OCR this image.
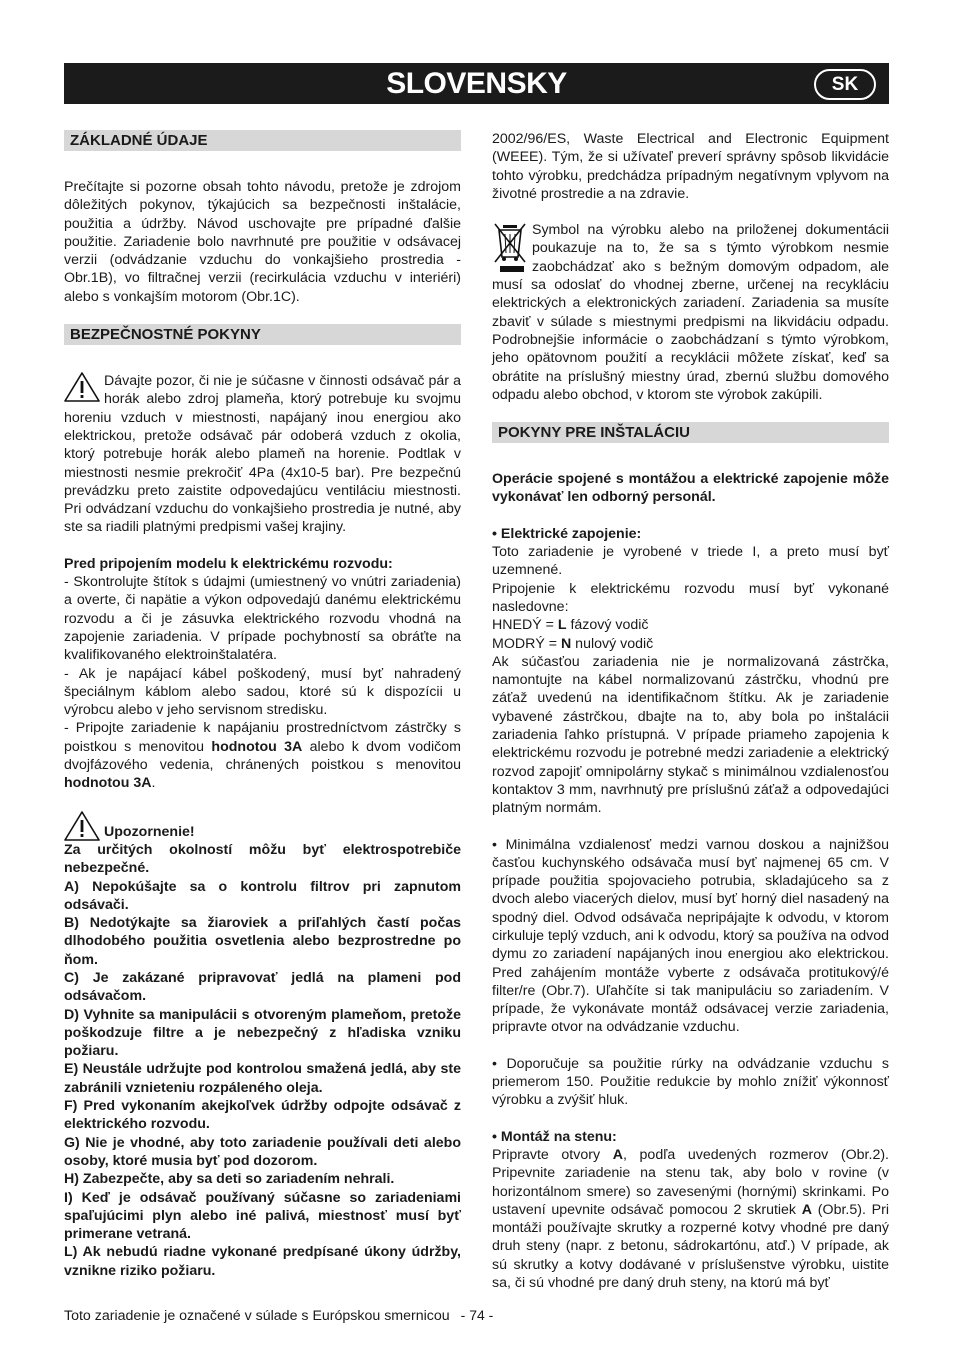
SLOVENSKY	SK
ZÁKLADNÉ ÚDAJE

Prečítajte si pozorne obsah tohto návodu, pretože je zdrojom dôležitých pokynov, týkajúcich sa bezpečnosti inštalácie, použitia a údržby. Návod uschovajte pre prípadné ďalšie použitie. Zariadenie bolo navrhnuté pre použitie v odsávacej verzii (odvádzanie vzduchu do vonkajšieho prostredia - Obr.1B), vo filtračnej verzii (recirkulácia vzduchu v interiéri) alebo s vonkajším motorom (Obr.1C).

BEZPEČNOSTNÉ POKYNY

Dávajte pozor, či nie je súčasne v činnosti odsávač pár a horák alebo zdroj plameňa, ktorý potrebuje ku svojmu horeniu vzduch v miestnosti, napájaný inou energiou ako elektrickou, pretože odsávač pár odoberá vzduch z okolia, ktorý potrebuje horák alebo plameň na horenie. Podtlak v miestnosti nesmie prekročiť 4Pa (4x10-5 bar). Pre bezpečnú prevádzku preto zaistite odpovedajúcu ventiláciu miestnosti. Pri odvádzaní vzduchu do vonkajšieho prostredia je nutné, aby ste sa riadili platnými predpismi vašej krajiny.

Pred pripojením modelu k elektrickému rozvodu:

- Skontrolujte štítok s údajmi (umiestnený vo vnútri zariadenia) a overte, či napätie a výkon odpovedajú danému elektrickému rozvodu a či je zásuvka elektrického rozvodu vhodná na zapojenie zariadenia. V prípade pochybností sa obráťte na kvalifikovaného elektroinštalatéra.

- Ak je napájací kábel poškodený, musí byť nahradený špeciálnym káblom alebo sadou, ktoré sú k dispozícii u výrobcu alebo v jeho servisnom stredisku.

- Pripojte zariadenie k napájaniu prostredníctvom zástrčky s poistkou s menovitou hodnotou 3A alebo k dvom vodičom dvojfázového vedenia, chránených poistkou s menovitou hodnotou 3A.

Upozornenie!

Za určitých okolností môžu byť elektrospotrebiče nebezpečné.

A) Nepokúšajte sa o kontrolu filtrov pri zapnutom odsávači.

B) Nedotýkajte sa žiaroviek a priľahlých častí počas dlhodobého použitia osvetlenia alebo bezprostredne po ňom.

C) Je zakázané pripravovať jedlá na plameni pod odsávačom.

D) Vyhnite sa manipulácii s otvoreným plameňom, pretože poškodzuje filtre a je nebezpečný z hľadiska vzniku požiaru.

E) Neustále udržujte pod kontrolou smažená jedlá, aby ste zabránili vznieteniu rozpáleného oleja.

F) Pred vykonaním akejkoľvek údržby odpojte odsávač z elektrického rozvodu.

G) Nie je vhodné, aby toto zariadenie používali deti alebo osoby, ktoré musia byť pod dozorom.

H) Zabezpečte, aby sa deti so zariadením nehrali.

I) Keď je odsávač používaný súčasne so zariadeniami spaľujúcimi plyn alebo iné palivá, miestnosť musí byť primerane vetraná.

L) Ak nebudú riadne vykonané predpísané úkony údržby, vznikne riziko požiaru.

Toto zariadenie je označené v súlade s Európskou smernicou

2002/96/ES, Waste Electrical and Electronic Equipment (WEEE). Tým, že si užívateľ preverí správny spôsob likvidácie tohto výrobku, predchádza prípadným negatívnym vplyvom na životné prostredie a na zdravie.

Symbol na výrobku alebo na priloženej dokumentácii poukazuje na to, že sa s týmto výrobkom nesmie zaobchádzať ako s bežným domovým odpadom, ale musí sa odoslať do vhodnej zberne, určenej na recykláciu elektrických a elektronických zariadení. Zariadenia sa musíte zbaviť v súlade s miestnymi predpismi na likvidáciu odpadu. Podrobnejšie informácie o zaobchádzaní s týmto výrobkom, jeho opätovnom použití a recyklácii môžete získať, keď sa obrátite na príslušný miestny úrad, zbernú službu domového odpadu alebo obchod, v ktorom ste výrobok zakúpili.

POKYNY PRE INŠTALÁCIU

Operácie spojené s montážou a elektrické zapojenie môže vykonávať len odborný personál.

• Elektrické zapojenie:

Toto zariadenie je vyrobené v triede I, a preto musí byť uzemnené.

Pripojenie k elektrickému rozvodu musí byť vykonané nasledovne:

HNEDÝ = L fázový vodič

MODRÝ = N nulový vodič

Ak súčasťou zariadenia nie je normalizovaná zástrčka, namontujte na kábel normalizovanú zástrčku, vhodnú pre záťaž uvedenú na identifikačnom štítku. Ak je zariadenie vybavené zástrčkou, dbajte na to, aby bola po inštalácii zariadenia ľahko prístupná. V prípade priameho zapojenia k elektrickému rozvodu je potrebné medzi zariadenie a elektrický rozvod zapojiť omnipolárny stykač s minimálnou vzdialenosťou kontaktov 3 mm, navrhnutý pre príslušnú záťaž a odpovedajúci platným normám.

• Minimálna vzdialenosť medzi varnou doskou a najnižšou časťou kuchynského odsávača musí byť najmenej 65 cm. V prípade použitia spojovacieho potrubia, skladajúceho sa z dvoch alebo viacerých dielov, musí byť horný diel nasadený na spodný diel. Odvod odsávača nepripájajte k odvodu, v ktorom cirkuluje teplý vzduch, ani k odvodu, ktorý sa používa na odvod dymu zo zariadení napájaných inou energiou ako elektrickou. Pred zahájením montáže vyberte z odsávača protitukový/é filter/re (Obr.7). Uľahčíte si tak manipuláciu so zariadením. V prípade, že vykonávate montáž odsávacej verzie zariadenia, pripravte otvor na odvádzanie vzduchu.

• Doporučuje sa použitie rúrky na odvádzanie vzduchu s priemerom 150. Použitie redukcie by mohlo znížiť výkonnosť výrobku a zvýšiť hluk.

• Montáž na stenu:

Pripravte otvory A, podľa uvedených rozmerov (Obr.2). Pripevnite zariadenie na stenu tak, aby bolo v rovine (v horizontálnom smere) so zavesenými (hornými) skrinkami. Po ustavení upevnite odsávač pomocou 2 skrutiek A (Obr.5). Pri montáži používajte skrutky a rozperné kotvy vhodné pre daný druh steny (napr. z betonu, sádrokartónu, atď.) V prípade, ak sú skrutky a kotvy dodávané v príslušenstve výrobku, uistite sa, či sú vhodné pre daný druh steny, na ktorú má byť

- 74 -
